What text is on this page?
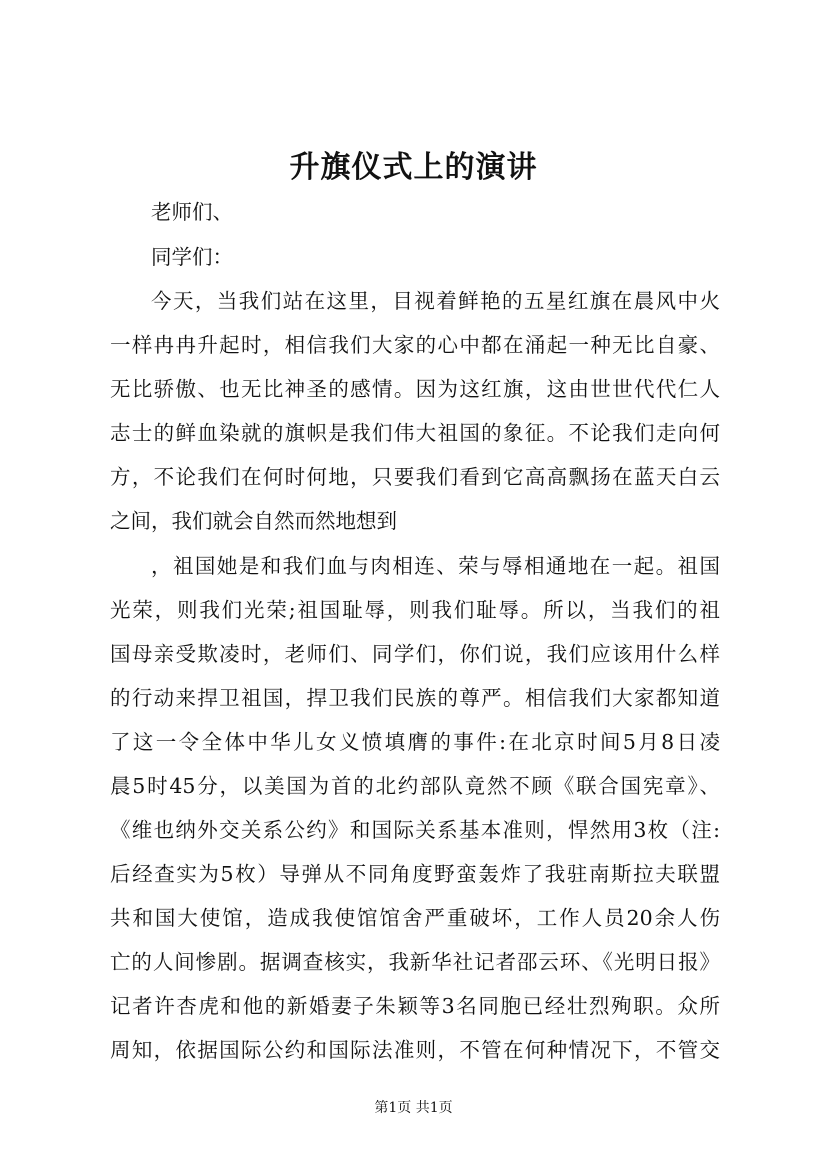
升旗仪式上的演讲
老师们、
同学们：
今天，当我们站在这里，目视着鲜艳的五星红旗在晨风中火
一样冉冉升起时，相信我们大家的心中都在涌起一种无比自豪、
无比骄傲、也无比神圣的感情。因为这红旗，这由世世代代仁人
志士的鲜血染就的旗帜是我们伟大祖国的象征。不论我们走向何
方，不论我们在何时何地，只要我们看到它高高飘扬在蓝天白云
之间，我们就会自然而然地想到
，祖国她是和我们血与肉相连、荣与辱相通地在一起。祖国
光荣，则我们光荣;祖国耻辱，则我们耻辱。所以，当我们的祖
国母亲受欺凌时，老师们、同学们，你们说，我们应该用什么样
的行动来捍卫祖国，捍卫我们民族的尊严。相信我们大家都知道
了这一令全体中华儿女义愤填膺的事件:在北京时间5月8日凌
晨5时45分，以美国为首的北约部队竟然不顾《联合国宪章》、
《维也纳外交关系公约》和国际关系基本准则，悍然用3枚（注:
后经查实为5枚）导弹从不同角度野蛮轰炸了我驻南斯拉夫联盟
共和国大使馆，造成我使馆馆舍严重破坏，工作人员20余人伤
亡的人间惨剧。据调查核实，我新华社记者邵云环、《光明日报》
记者许杏虎和他的新婚妻子朱颖等3名同胞已经壮烈殉职。众所
周知，依据国际公约和国际法准则，不管在何种情况下，不管交
第1页 共1页
